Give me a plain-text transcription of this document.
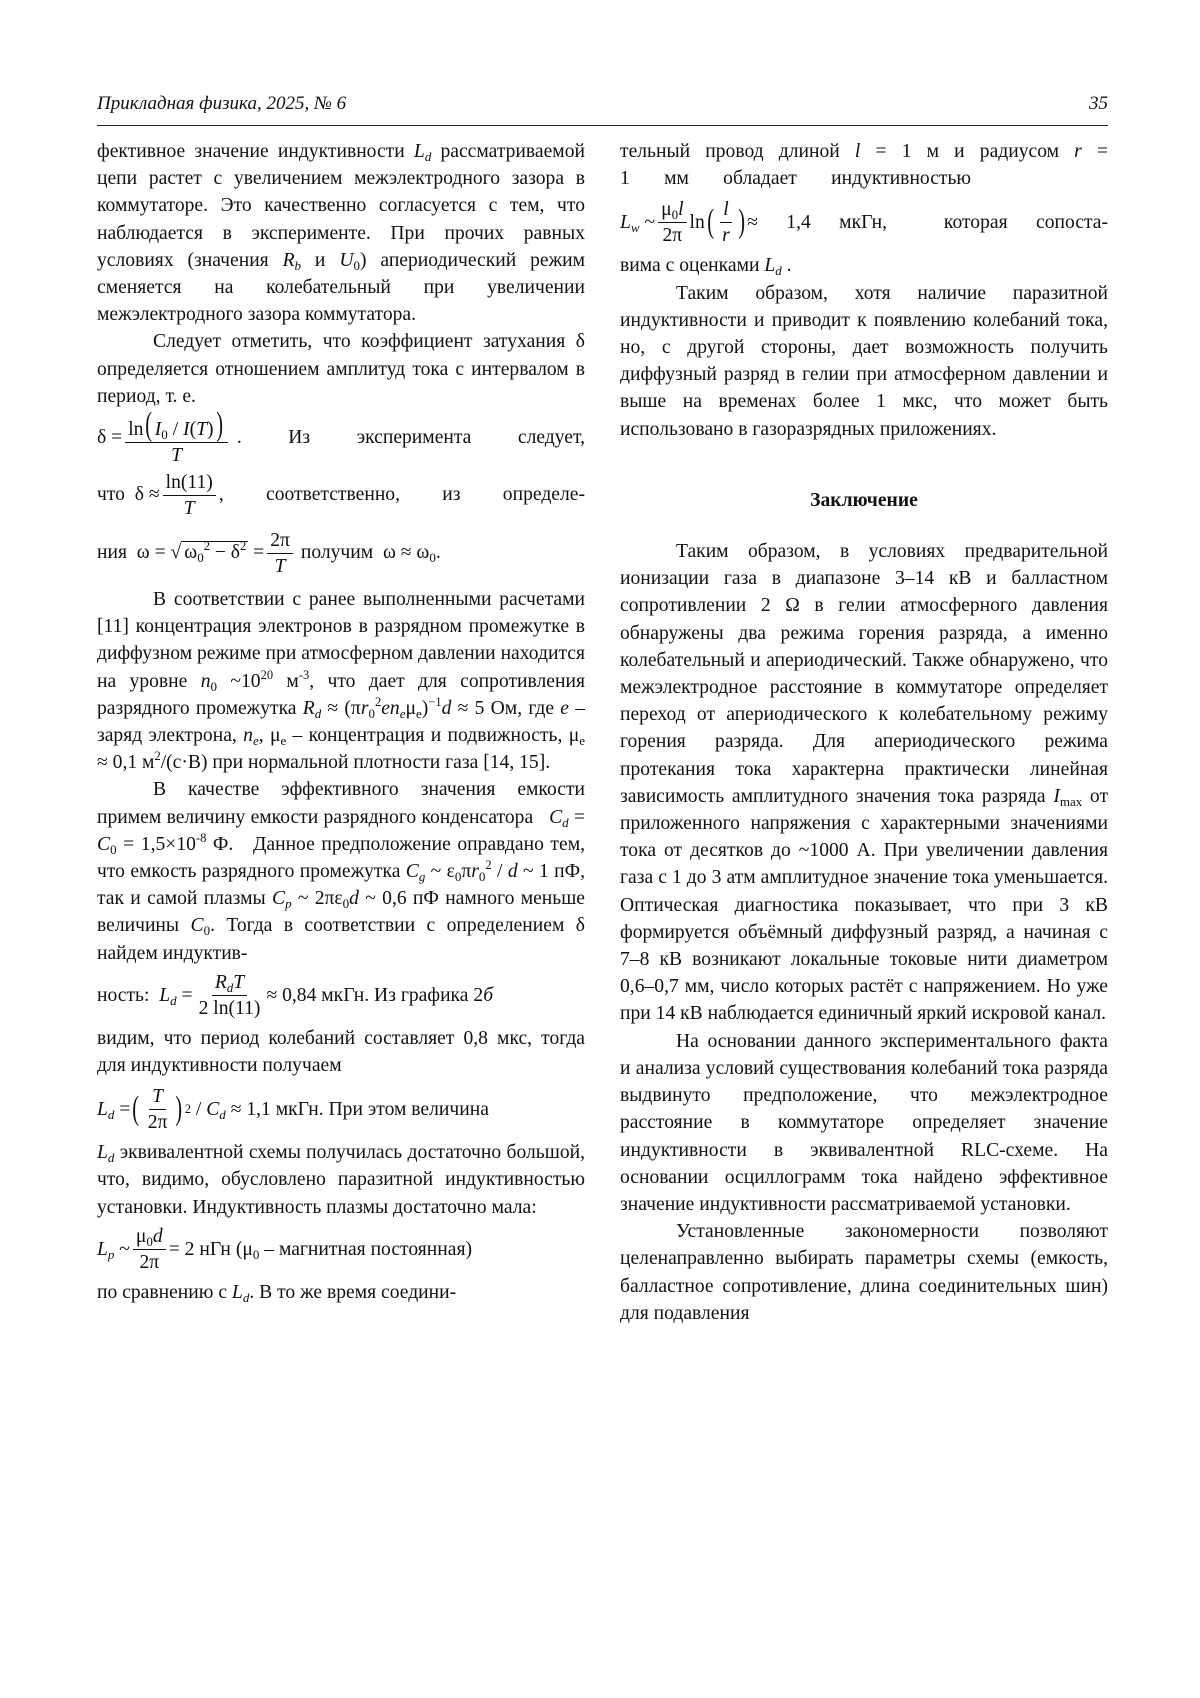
Прикладная физика, 2025, № 6	35

фективное значение индуктивности $L_d$ рассматриваемой цепи растет с увеличением межэлектродного зазора в коммутаторе. Это качественно согласуется с тем, что наблюдается в эксперименте. При прочих равных условиях (значения $R_b$ и $U_0$) апериодический режим сменяется на колебательный при увеличении межэлектродного зазора коммутатора.

Следует отметить, что коэффициент затухания δ определяется отношением амплитуд тока с интервалом в период, т. е.

$\delta = \frac{\ln( I_0 / I(T))}{T}$ . Из эксперимента следует,
что  $\delta \approx \frac{\ln(11)}{T}$ , соответственно, из определе-
ния  ω = √ $\omega_0^2 - \delta^2 = \frac{2\pi}{T}$ получим  $\omega \approx \omega_0$.

В соответствии с ранее выполненными расчетами [11] концентрация электронов в разрядном промежутке в диффузном режиме при атмосферном давлении находится на уровне $n_0$ $\sim 10^{20}$ $м^{-3}$, что дает для сопротивления разрядного промежутка $R_d \approx (\pi r_0^2en_e\mu_e)^{-1}d \approx 5$ Ом, где e – заряд электрона, $n_e$, $\mu_e$ – концентрация и подвижность, $\mu_e \approx 0,1$ $м^2/(с\cdot В)$ при нормальной плотности газа [14, 15].

В качестве эффективного значения емкости примем величину емкости разрядного конденсатора   $C_d = C_0 = 1,5\times 10^{-8}$ Ф.   Данное предположение оправдано тем, что емкость разрядного промежутка $C_g$ ~ $\varepsilon_0\pi r_0^2$ / d ~ 1 пФ, так и самой плазмы $C_p$ ~ $2\pi\varepsilon_0d$ ~ 0,6 пФ намного меньше величины $C_0$. Тогда в соответствии с определением δ найдем индуктив-

ность:  $L_d = \frac{R_dT}{2 \ln(11)} \approx 0,84$ мкГн. Из графика 2б

видим, что период колебаний составляет 0,8 мкс, тогда для индуктивности получаем

$L_d$ = ( $\frac{T}{2\pi}$ ) $2 / C_d \approx 1,1$ мкГн. При этом величина

$L_d$ эквивалентной схемы получилась достаточно большой, что, видимо, обусловлено паразитной индуктивностью установки. Индуктивность плазмы достаточно мала:

$L_p$ ~ $\frac{\mu_0d}{2\pi} = 2$ нГн ($\mu_0$ – магнитная постоянная)

по сравнению с $L_d$. В то же время соедини-

тельный провод длиной l = 1 м и радиусом r = 1       мм       обладает       индуктивностью

$L_w$ ~ $\frac{\mu_0l}{2\pi}$ ln ( $\frac{l}{r}$ ) ≈ 1,4 мкГн,  которая сопоста-

вима с оценками $L_d$ .

Таким образом, хотя наличие паразитной индуктивности и приводит к появлению колебаний тока, но, с другой стороны, дает возможность получить диффузный разряд в гелии при атмосферном давлении и выше на временах более 1 мкс, что может быть использовано в газоразрядных приложениях.

Заключение

Таким образом, в условиях предварительной ионизации газа в диапазоне 3–14 кВ и балластном сопротивлении 2 Ω в гелии атмосферного давления обнаружены два режима горения разряда, а именно колебательный и апериодический. Также обнаружено, что межэлектродное расстояние в коммутаторе определяет переход от апериодического к колебательному режиму горения разряда. Для апериодического режима протекания тока характерна практически линейная зависимость амплитудного значения тока разряда $I_{max}$ от приложенного напряжения с характерными значениями тока от десятков до ~1000 А. При увеличении давления газа с 1 до 3 атм амплитудное значение тока уменьшается. Оптическая диагностика показывает, что при 3 кВ формируется объёмный диффузный разряд, а начиная с 7–8 кВ возникают локальные токовые нити диаметром 0,6–0,7 мм, число которых растёт с напряжением. Но уже при 14 кВ наблюдается единичный яркий искровой канал.

На основании данного экспериментального факта и анализа условий существования колебаний тока разряда выдвинуто предположение, что межэлектродное расстояние в коммутаторе определяет значение индуктивности в эквивалентной RLC-схеме. На основании осциллограмм тока найдено эффективное значение индуктивности рассматриваемой установки.

Установленные закономерности позволяют целенаправленно выбирать параметры схемы (емкость, балластное сопротивление, длина соединительных шин) для подавления
